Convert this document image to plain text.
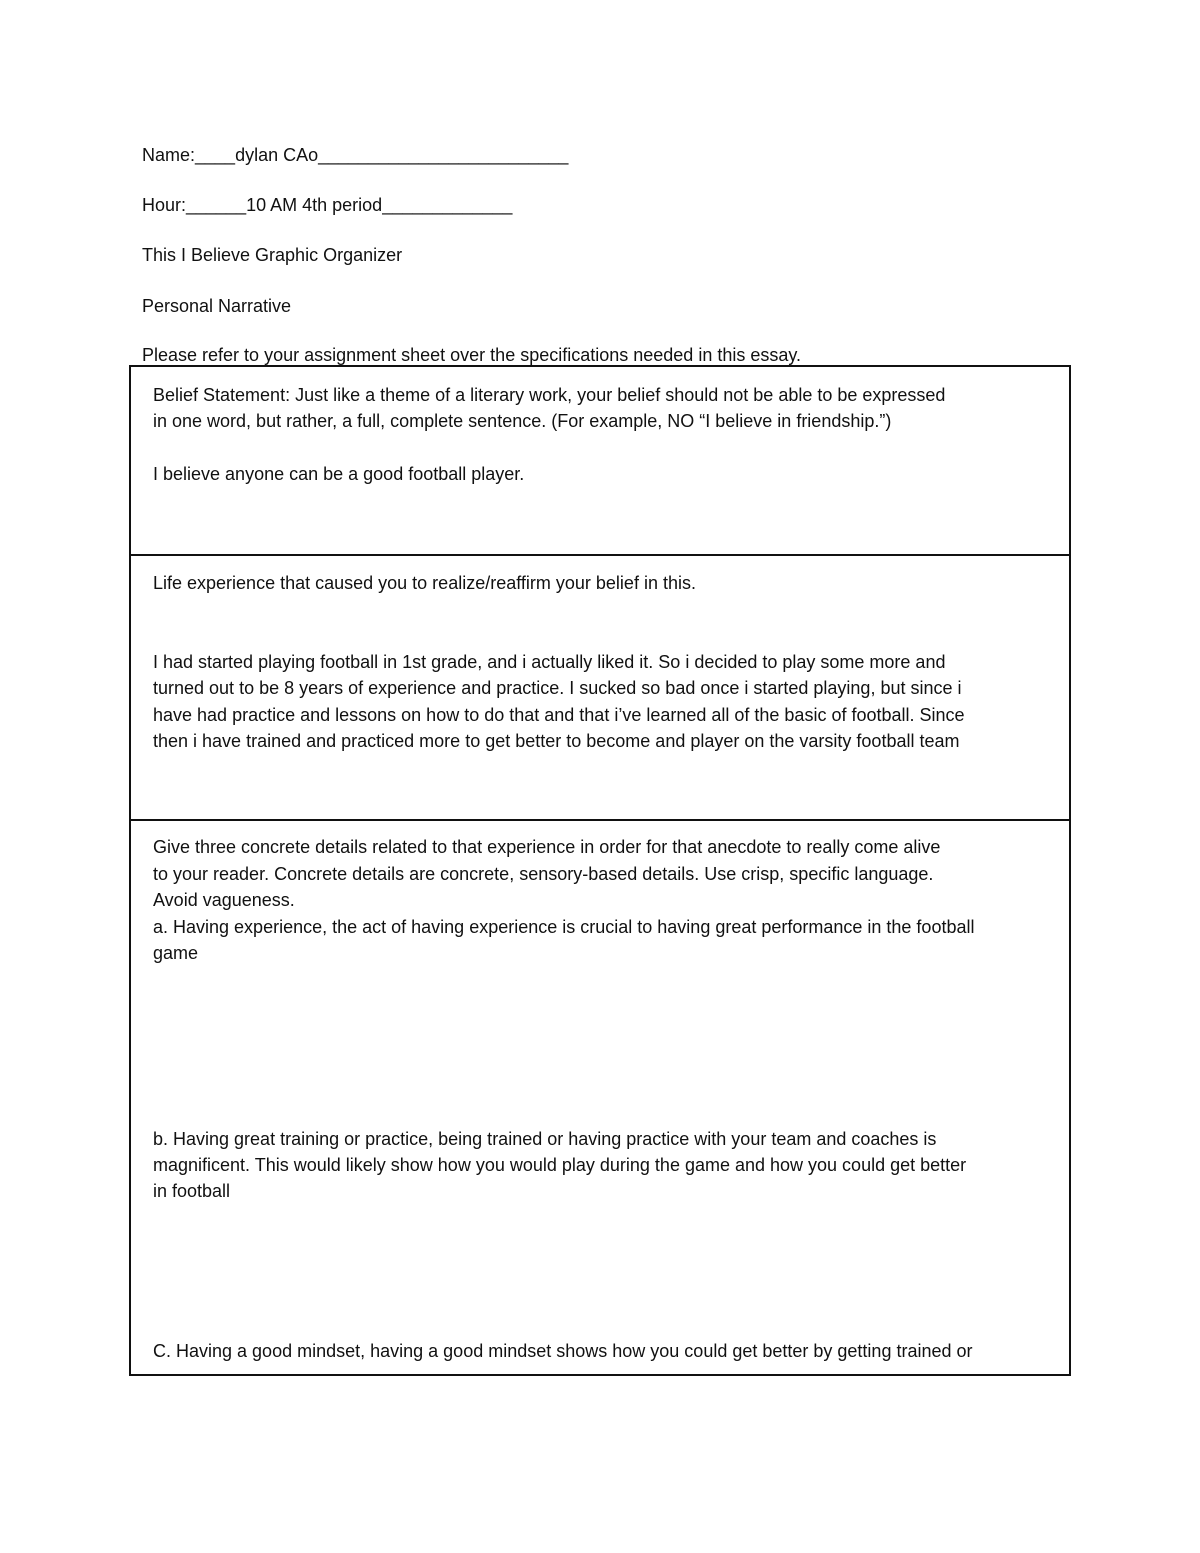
Name:____dylan CAo_________________________
Hour:______10 AM 4th period_____________
This I Believe Graphic Organizer
Personal Narrative
Please refer to your assignment sheet over the specifications needed in this essay.

Belief Statement: Just like a theme of a literary work, your belief should not be able to be expressed

in one word, but rather, a full, complete sentence. (For example, NO “I believe in friendship.”)

I believe anyone can be a good football player.

Life experience that caused you to realize/reaffirm your belief in this.

I had started playing football in 1st grade, and i actually liked it. So i decided to play some more and

turned out to be 8 years of experience and practice. I sucked so bad once i started playing, but since i

have had practice and lessons on how to do that and that i’ve learned all of the basic of football. Since

then i have trained and practiced more to get better to become and player on the varsity football team

Give three concrete details related to that experience in order for that anecdote to really come alive

to your reader. Concrete details are concrete, sensory-based details. Use crisp, specific language.

Avoid vagueness.

a. Having experience, the act of having experience is crucial to having great performance in the football

game

b. Having great training or practice, being trained or having practice with your team and coaches is

magnificent. This would likely show how you would play during the game and how you could get better

in football

C. Having a good mindset, having a good mindset shows how you could get better by getting trained or
